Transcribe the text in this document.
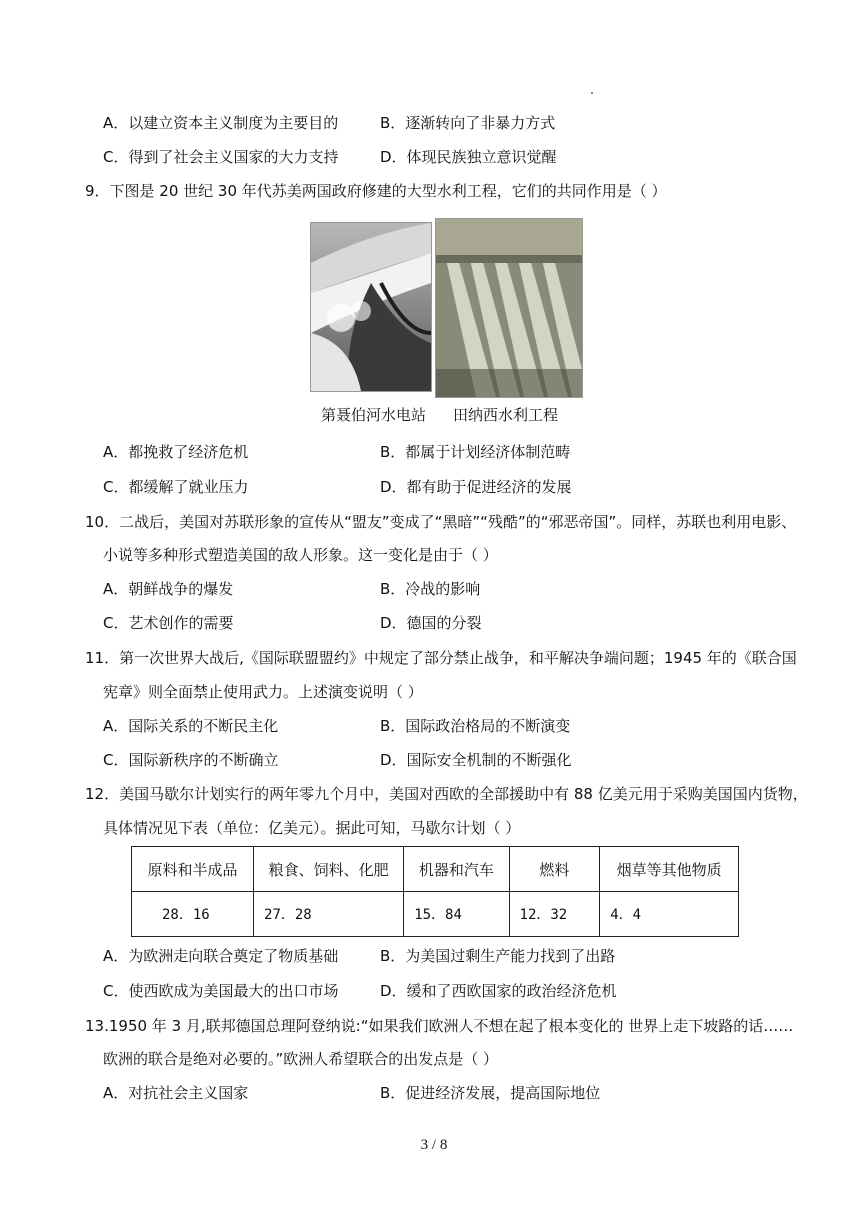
A．以建立资本主义制度为主要目的	B．逐渐转向了非暴力方式
C．得到了社会主义国家的大力支持	D．体现民族独立意识觉醒
9．下图是 20 世纪 30 年代苏美两国政府修建的大型水利工程，它们的共同作用是（ ）
第聂伯河水电站 田纳西水利工程
A．都挽救了经济危机	B．都属于计划经济体制范畴
C．都缓解了就业压力	D．都有助于促进经济的发展
10．二战后，美国对苏联形象的宣传从“盟友”变成了“黑暗”“残酷”的“邪恶帝国”。同样，苏联也利用电影、
小说等多种形式塑造美国的敌人形象。这一变化是由于（ ）
A．朝鲜战争的爆发	B．冷战的影响
C．艺术创作的需要	D．德国的分裂
11．第一次世界大战后,《国际联盟盟约》中规定了部分禁止战争，和平解决争端问题；1945 年的《联合国
宪章》则全面禁止使用武力。上述演变说明（ ）
A．国际关系的不断民主化	B．国际政治格局的不断演变
C．国际新秩序的不断确立	D．国际安全机制的不断强化
12．美国马歇尔计划实行的两年零九个月中，美国对西欧的全部援助中有 88 亿美元用于采购美国国内货物，
具体情况见下表（单位：亿美元）。据此可知，马歇尔计划（ ）
原料和半成品	粮食、饲料、化肥	机器和汽车	燃料	烟草等其他物质
28．16	27．28	15．84	12．32	4．4
A．为欧洲走向联合奠定了物质基础	B．为美国过剩生产能力找到了出路
C．使西欧成为美国最大的出口市场	D．缓和了西欧国家的政治经济危机
13.1950 年 3 月,联邦德国总理阿登纳说:“如果我们欧洲人不想在起了根本变化的 世界上走下坡路的话……
欧洲的联合是绝对必要的。”欧洲人希望联合的出发点是（ ）
A．对抗社会主义国家	B．促进经济发展，提高国际地位
3 / 8
